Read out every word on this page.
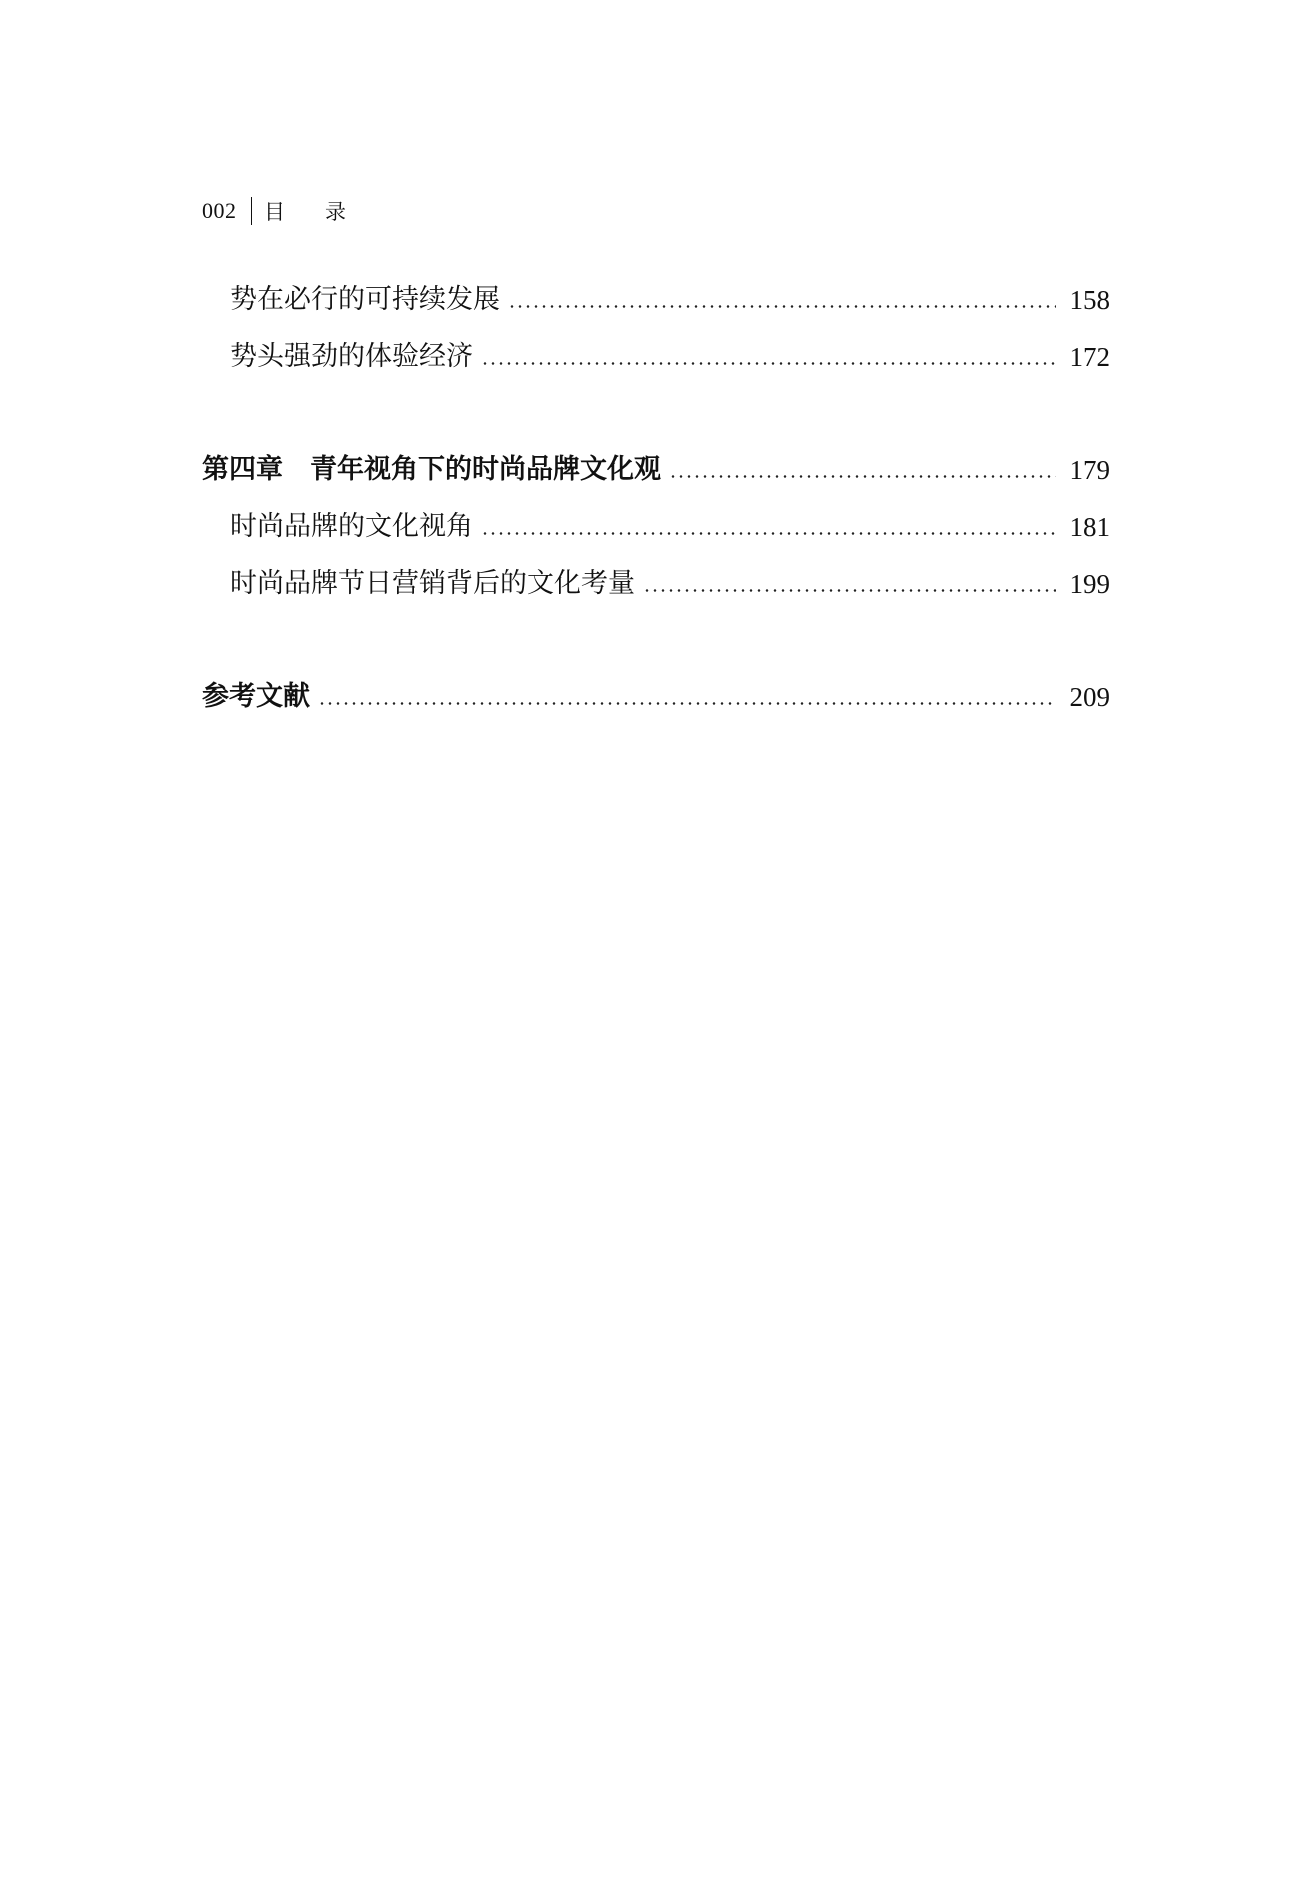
002 目录
势在必行的可持续发展	158
势头强劲的体验经济	172
第四章　青年视角下的时尚品牌文化观	179
时尚品牌的文化视角	181
时尚品牌节日营销背后的文化考量	199
参考文献	209
